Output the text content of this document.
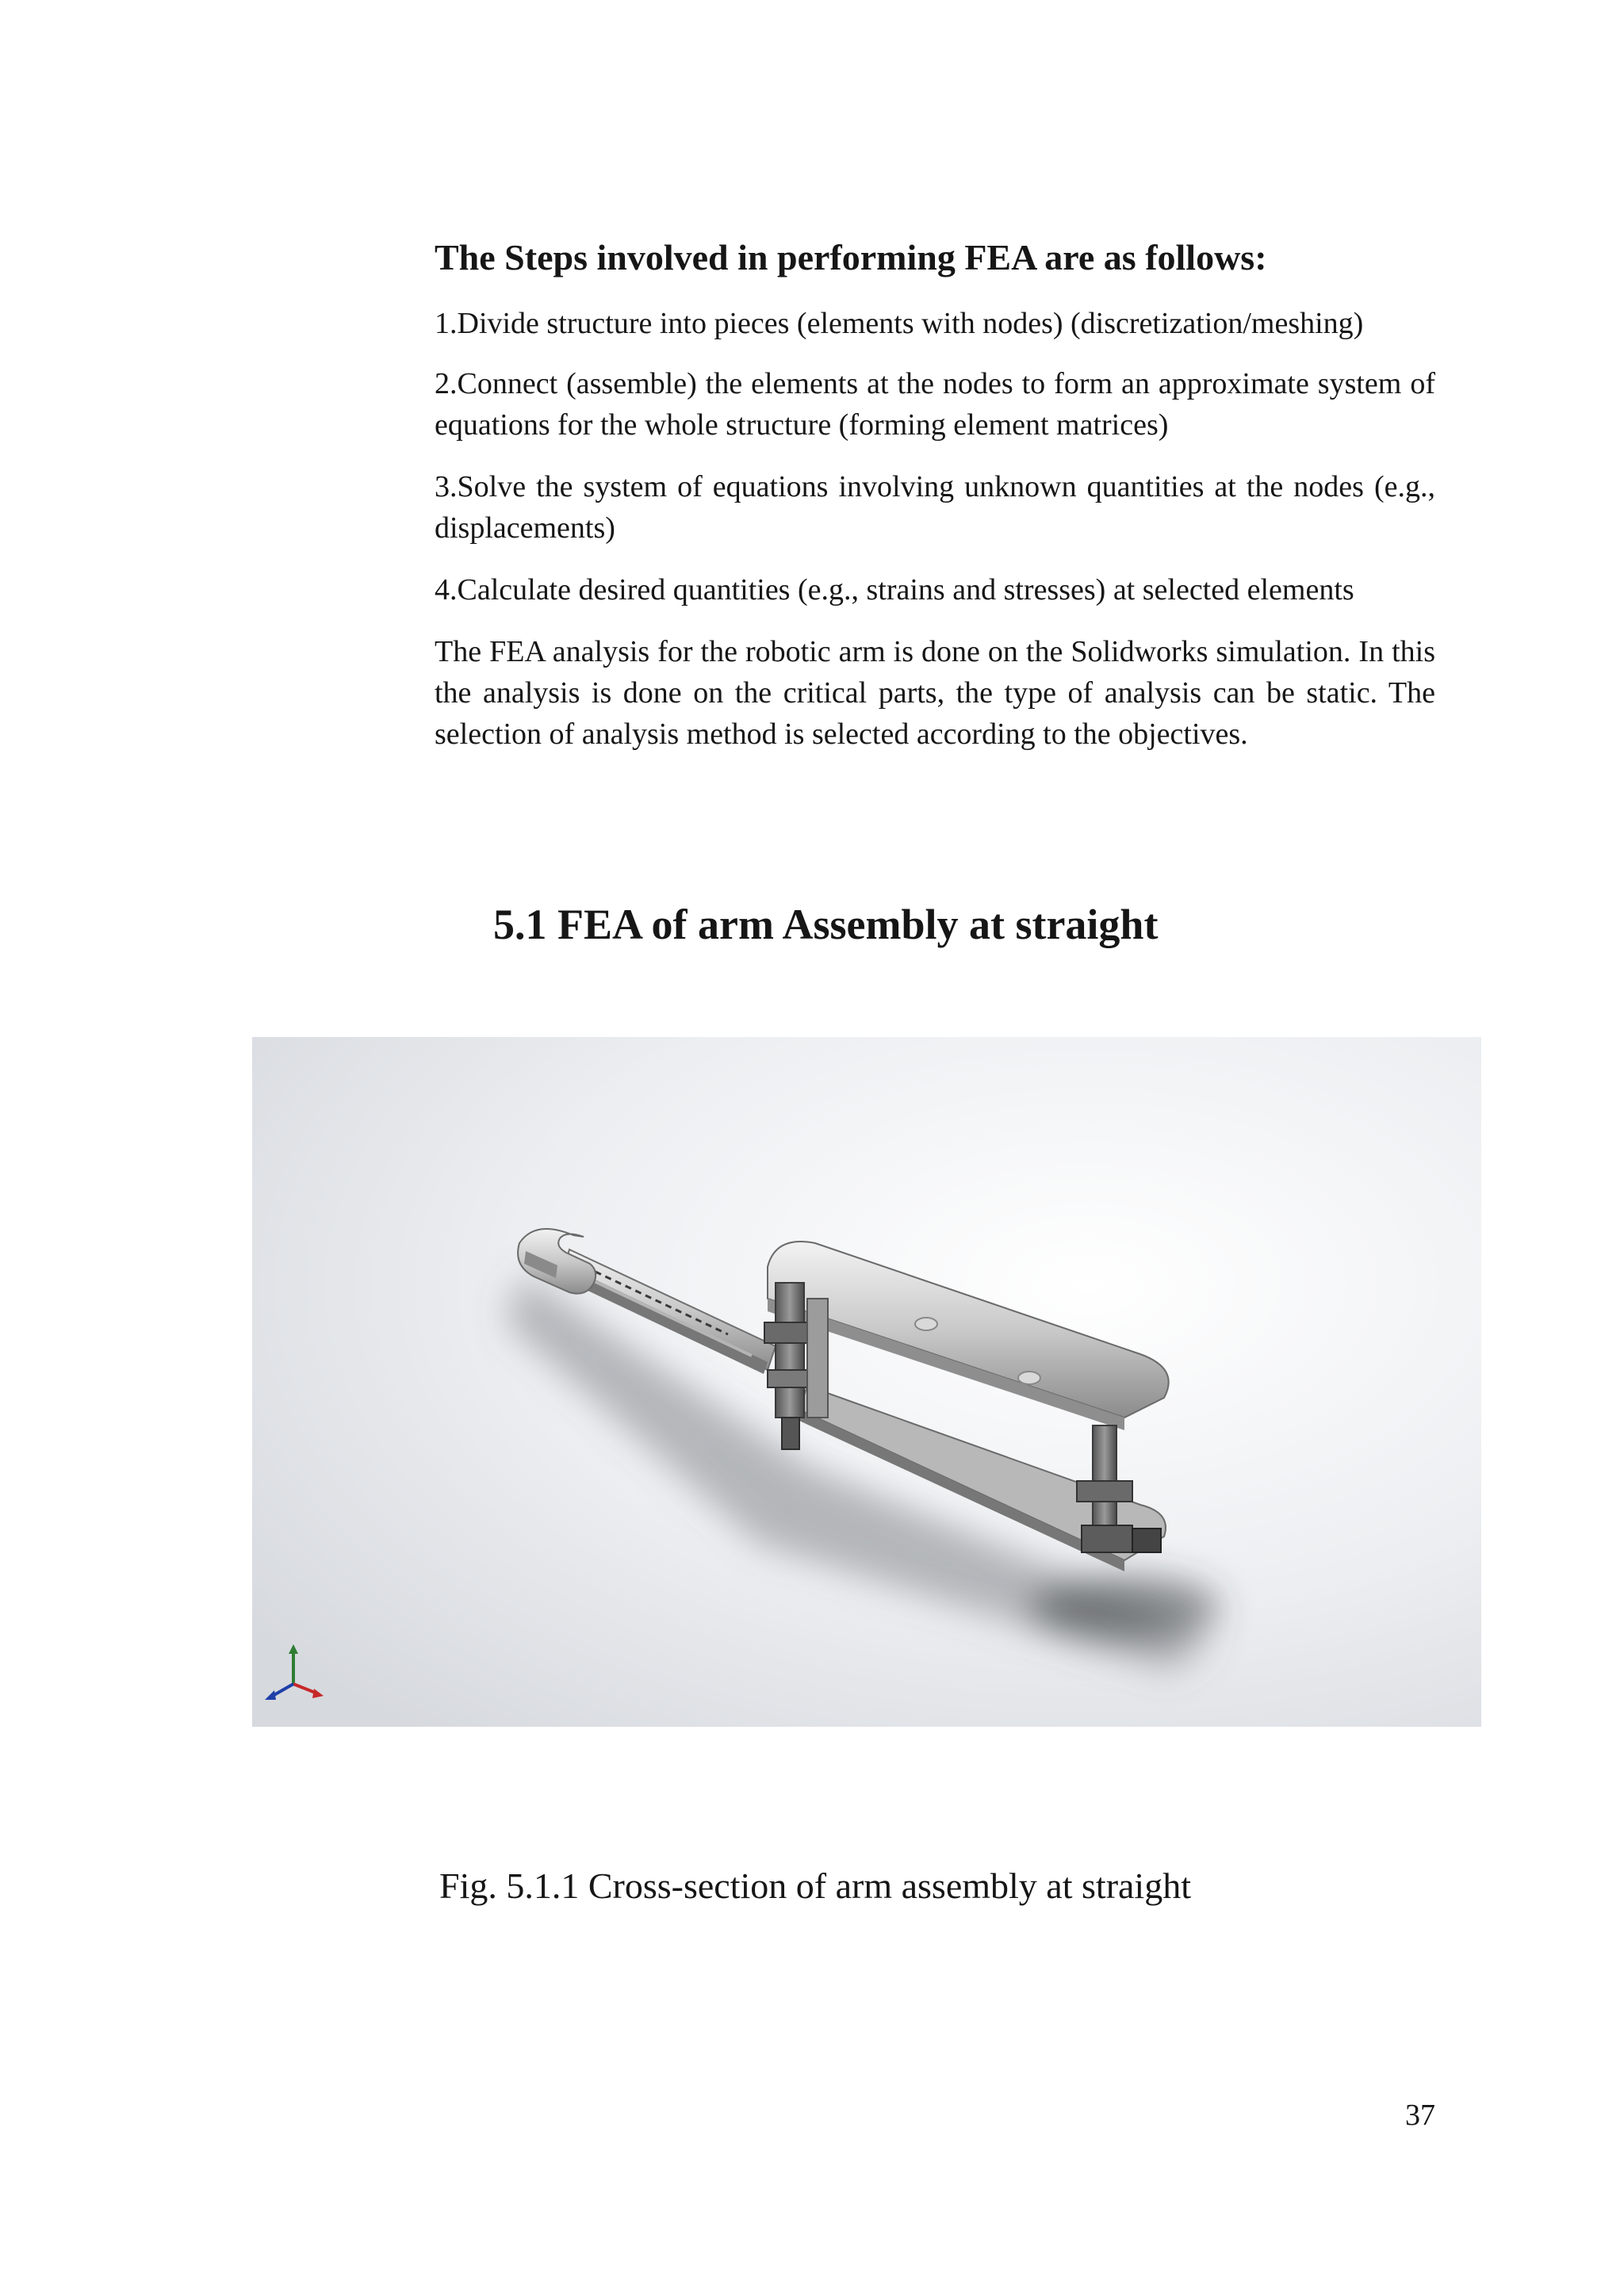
The Steps involved in performing FEA are as follows:

1.Divide structure into pieces (elements with nodes) (discretization/meshing)

2.Connect (assemble) the elements at the nodes to form an approximate system of equations for the whole structure (forming element matrices)

3.Solve the system of equations involving unknown quantities at the nodes (e.g., displacements)

4.Calculate desired quantities (e.g., strains and stresses) at selected elements

The FEA analysis for the robotic arm is done on the Solidworks simulation. In this the analysis is done on the critical parts, the type of analysis can be static. The selection of analysis method is selected according to the objectives.

5.1 FEA of arm Assembly at straight

Fig. 5.1.1 Cross-section of arm assembly at straight

37
